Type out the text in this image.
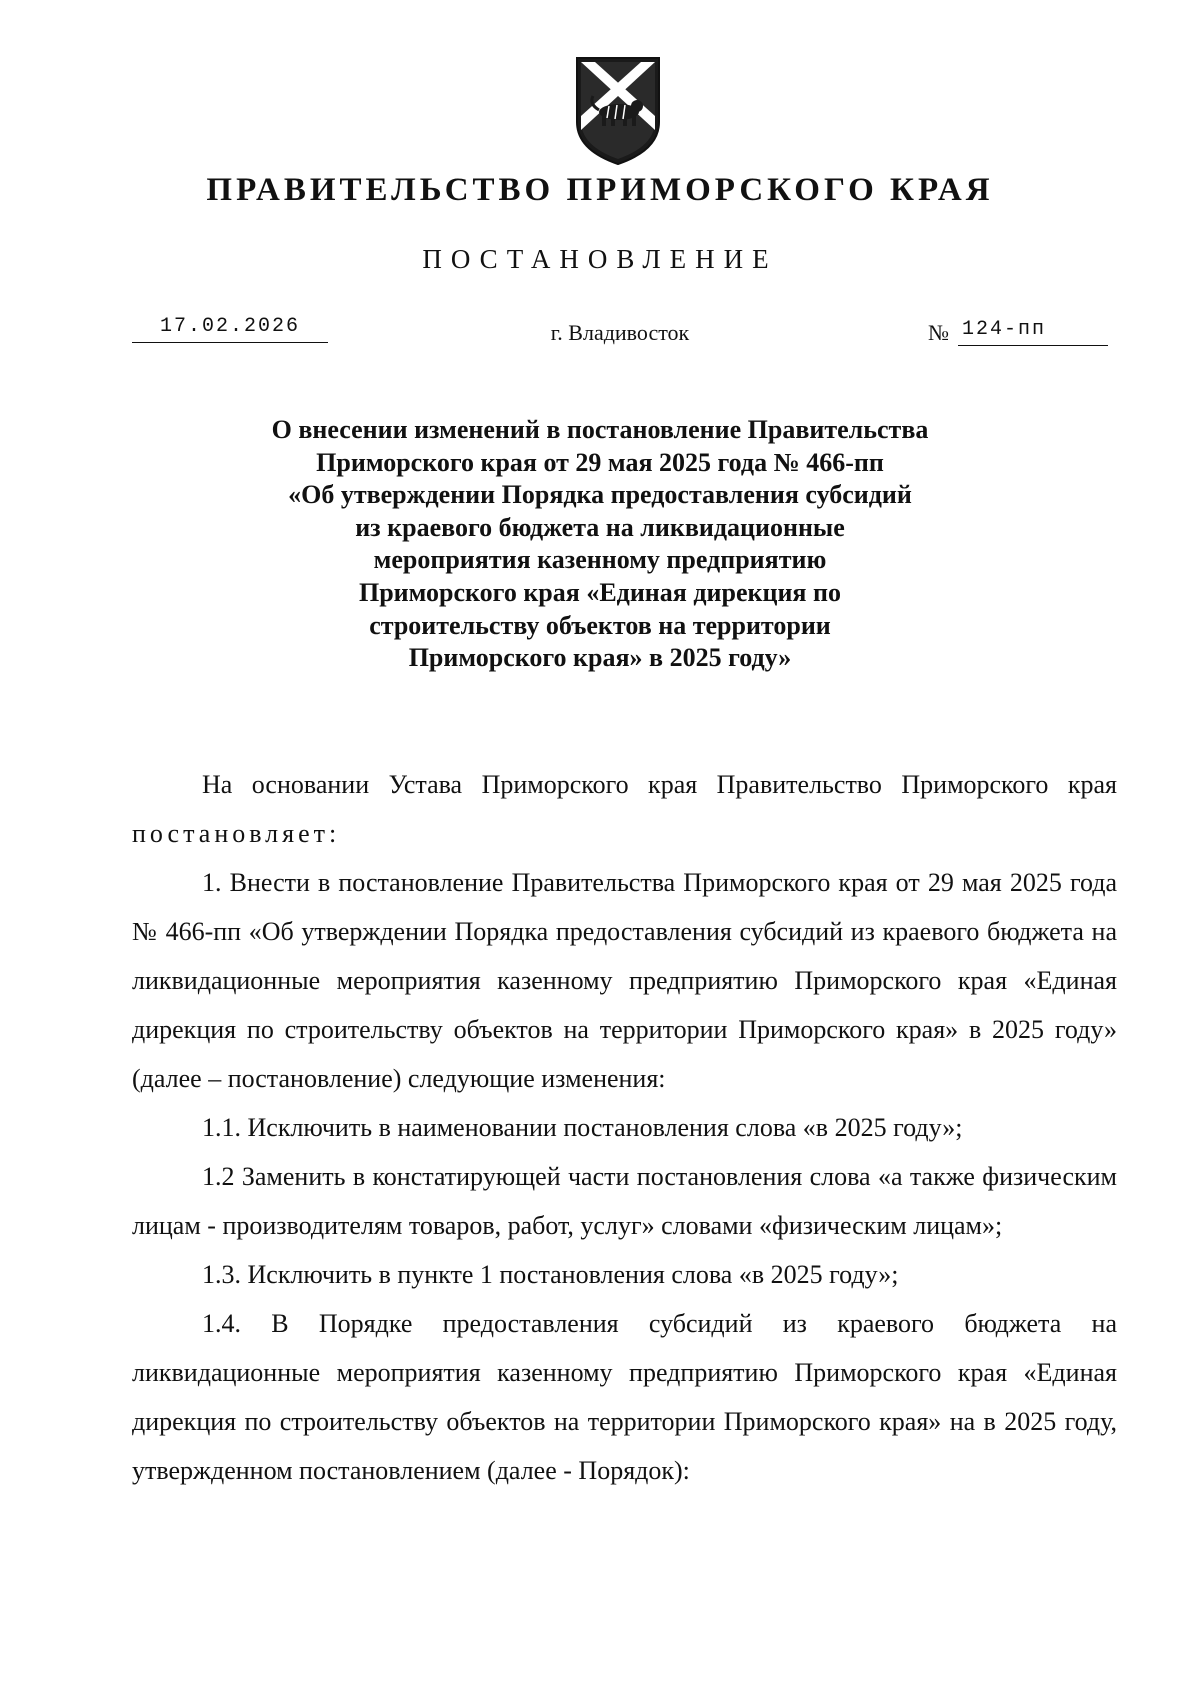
ПРАВИТЕЛЬСТВО ПРИМОРСКОГО КРАЯ
ПОСТАНОВЛЕНИЕ
17.02.2026	г. Владивосток	№ 124-пп
О внесении изменений в постановление Правительства
Приморского края от 29 мая 2025 года № 466-пп
«Об утверждении Порядка предоставления субсидий
из краевого бюджета на ликвидационные
мероприятия казенному предприятию
Приморского края «Единая дирекция по
строительству объектов на территории
Приморского края» в 2025 году»

На основании Устава Приморского края Правительство Приморского края постановляет:

1. Внести в постановление Правительства Приморского края от 29 мая 2025 года № 466-пп «Об утверждении Порядка предоставления субсидий из краевого бюджета на ликвидационные мероприятия казенному предприятию Приморского края «Единая дирекция по строительству объектов на территории Приморского края» в 2025 году» (далее – постановление) следующие изменения:

1.1. Исключить в наименовании постановления слова «в 2025 году»;

1.2 Заменить в констатирующей части постановления слова «а также физическим лицам - производителям товаров, работ, услуг» словами «физическим лицам»;

1.3. Исключить в пункте 1 постановления слова «в 2025 году»;

1.4. В Порядке предоставления субсидий из краевого бюджета на ликвидационные мероприятия казенному предприятию Приморского края «Единая дирекция по строительству объектов на территории Приморского края» на в 2025 году, утвержденном постановлением (далее - Порядок):
